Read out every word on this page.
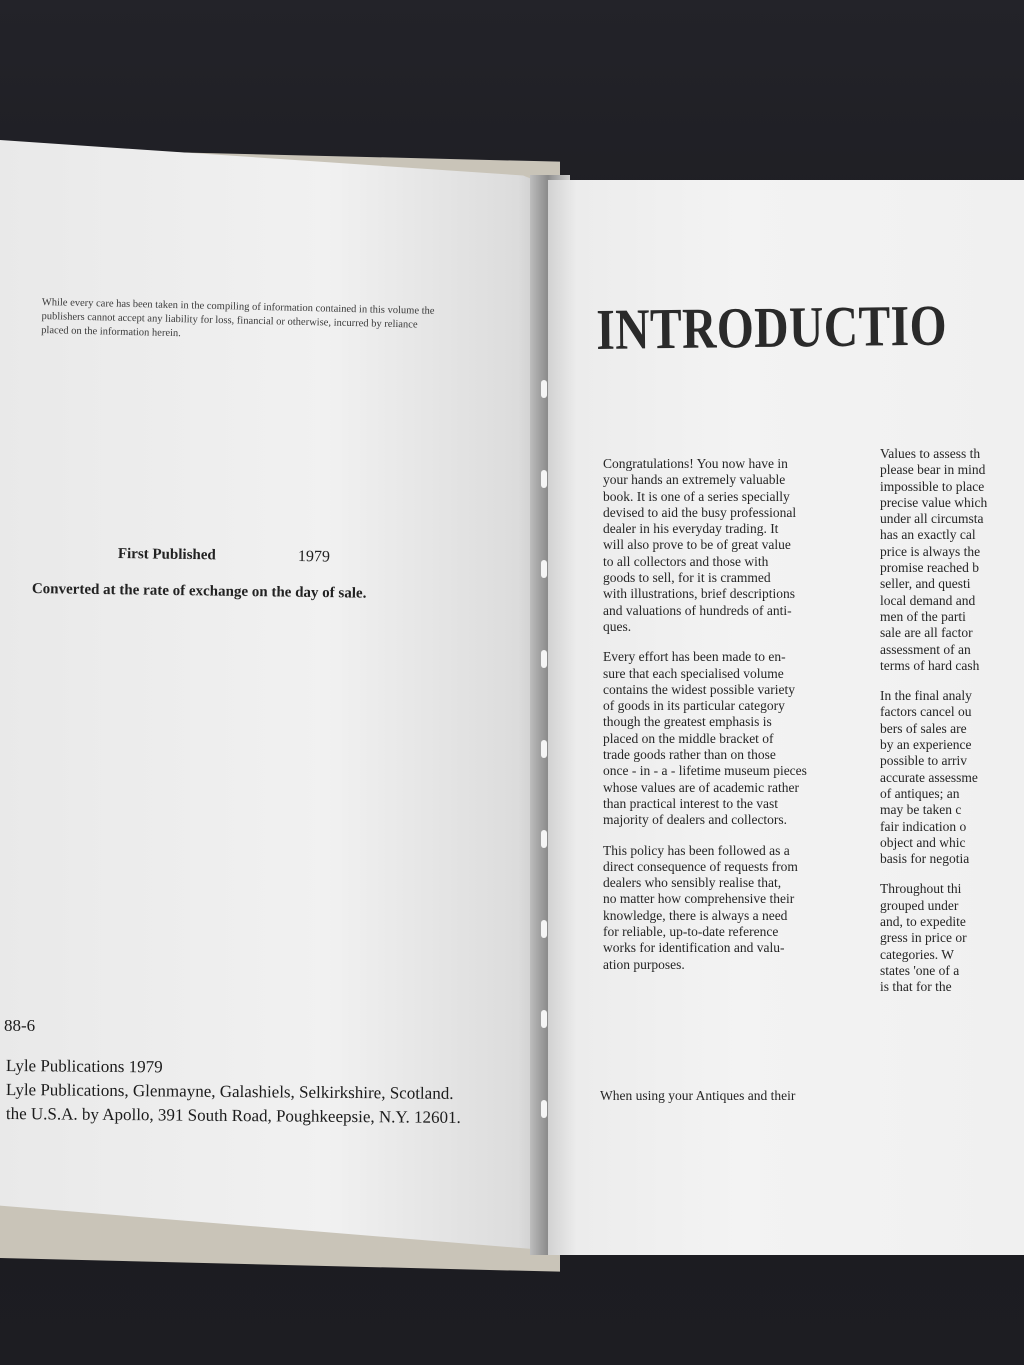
While every care has been taken in the compiling of information contained in this volume the publishers cannot accept any liability for loss, financial or otherwise, incurred by reliance placed on the information herein.

First Published	1979
Converted at the rate of exchange on the day of sale.
88-6
Lyle Publications 1979
Lyle Publications, Glenmayne, Galashiels, Selkirkshire, Scotland.
the U.S.A. by Apollo, 391 South Road, Poughkeepsie, N.Y. 12601.
INTRODUCTIO

Congratulations! You now have in
your hands an extremely valuable
book. It is one of a series specially
devised to aid the busy professional
dealer in his everyday trading. It
will also prove to be of great value
to all collectors and those with
goods to sell, for it is crammed
with illustrations, brief descriptions
and valuations of hundreds of anti-
ques.

Every effort has been made to en-
sure that each specialised volume
contains the widest possible variety
of goods in its particular category
though the greatest emphasis is
placed on the middle bracket of
trade goods rather than on those
once - in - a - lifetime museum pieces
whose values are of academic rather
than practical interest to the vast
majority of dealers and collectors.

This policy has been followed as a
direct consequence of requests from
dealers who sensibly realise that,
no matter how comprehensive their
knowledge, there is always a need
for reliable, up-to-date reference
works for identification and valu-
ation purposes.

When using your Antiques and their

Values to assess th
please bear in mind
impossible to place
precise value which
under all circumsta
has an exactly cal
price is always the
promise reached b
seller, and questi
local demand and
men of the parti
sale are all factor
assessment of an
terms of hard cash

In the final analy
factors cancel ou
bers of sales are
by an experience
possible to arriv
accurate assessme
of antiques; an
may be taken c
fair indication o
object and whic
basis for negotia

Throughout thi
grouped under
and, to expedite
gress in price or
categories. W
states 'one of a
is that for the
